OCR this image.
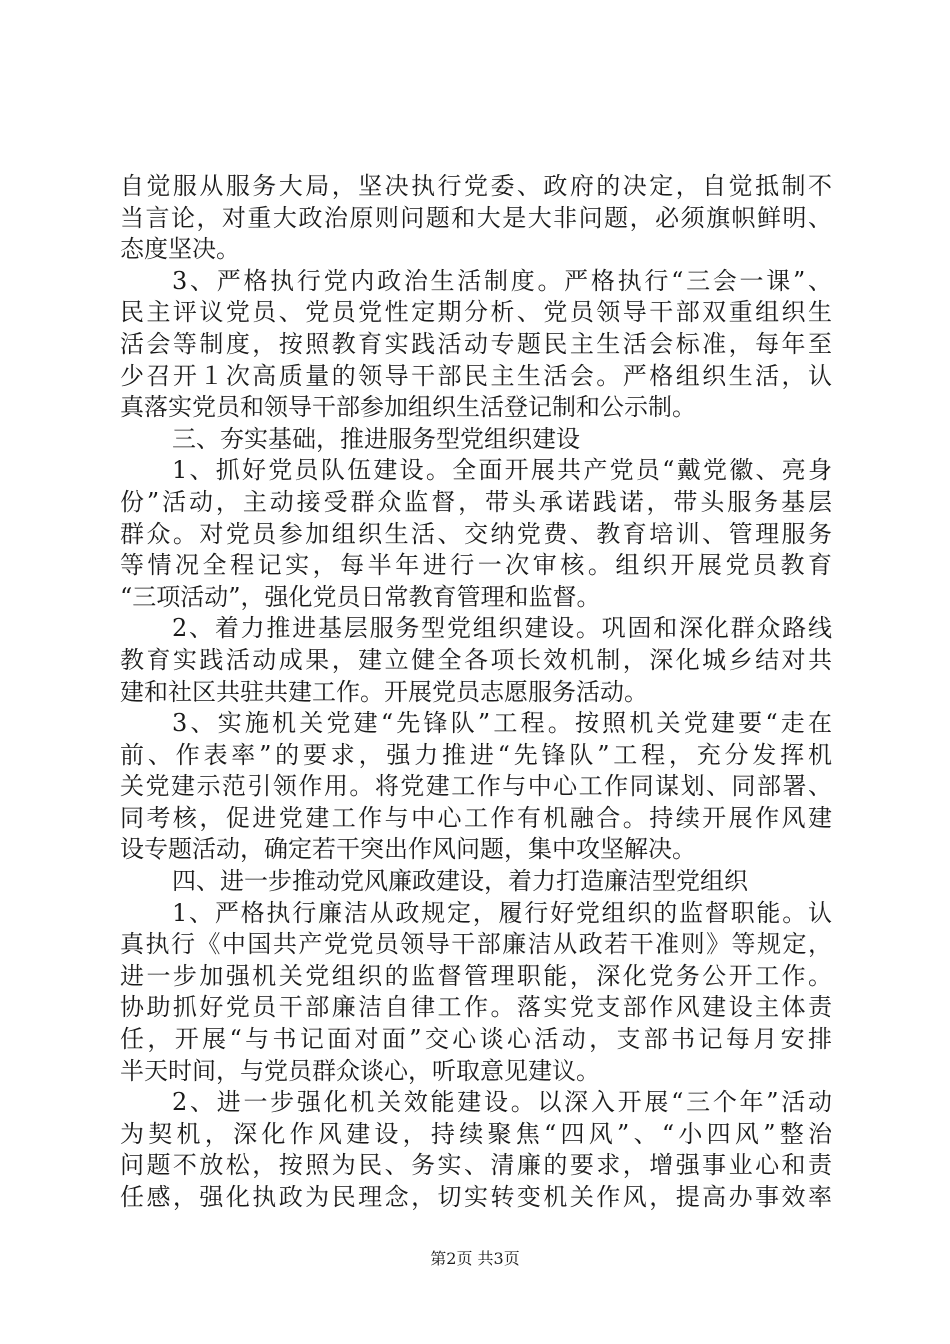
自觉服从服务大局，坚决执行党委、政府的决定，自觉抵制不
当言论，对重大政治原则问题和大是大非问题，必须旗帜鲜明、
态度坚决。
3、严格执行党内政治生活制度。严格执行“三会一课”、
民主评议党员、党员党性定期分析、党员领导干部双重组织生
活会等制度，按照教育实践活动专题民主生活会标准，每年至
少召开１次高质量的领导干部民主生活会。严格组织生活，认
真落实党员和领导干部参加组织生活登记制和公示制。
三、夯实基础，推进服务型党组织建设
1、抓好党员队伍建设。全面开展共产党员“戴党徽、亮身
份”活动，主动接受群众监督，带头承诺践诺，带头服务基层
群众。对党员参加组织生活、交纳党费、教育培训、管理服务
等情况全程记实，每半年进行一次审核。组织开展党员教育
“三项活动”，强化党员日常教育管理和监督。
2、着力推进基层服务型党组织建设。巩固和深化群众路线
教育实践活动成果，建立健全各项长效机制，深化城乡结对共
建和社区共驻共建工作。开展党员志愿服务活动。
3、实施机关党建“先锋队”工程。按照机关党建要“走在
前、作表率”的要求，强力推进“先锋队”工程，充分发挥机
关党建示范引领作用。将党建工作与中心工作同谋划、同部署、
同考核，促进党建工作与中心工作有机融合。持续开展作风建
设专题活动，确定若干突出作风问题，集中攻坚解决。
四、进一步推动党风廉政建设，着力打造廉洁型党组织
1、严格执行廉洁从政规定，履行好党组织的监督职能。认
真执行《中国共产党党员领导干部廉洁从政若干准则》等规定，
进一步加强机关党组织的监督管理职能，深化党务公开工作。
协助抓好党员干部廉洁自律工作。落实党支部作风建设主体责
任，开展“与书记面对面”交心谈心活动，支部书记每月安排
半天时间，与党员群众谈心，听取意见建议。
2、进一步强化机关效能建设。以深入开展“三个年”活动
为契机，深化作风建设，持续聚焦“四风”、“小四风”整治
问题不放松，按照为民、务实、清廉的要求，增强事业心和责
任感，强化执政为民理念，切实转变机关作风，提高办事效率
第2页 共3页
